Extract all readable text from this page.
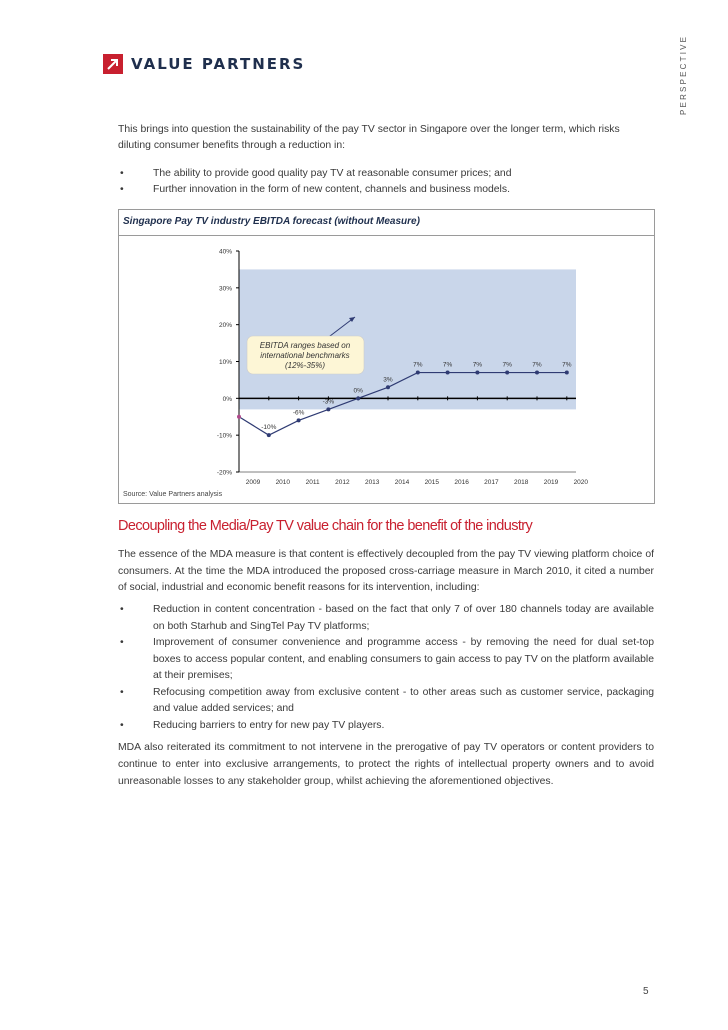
VALUE PARTNERS	PERSPECTIVE
This brings into question the sustainability of the pay TV sector in Singapore over the longer term, which risks diluting consumer benefits through a reduction in:
• The ability to provide good quality pay TV at reasonable consumer prices; and
• Further innovation in the form of new content, channels and business models.
Singapore Pay TV industry EBITDA forecast (without Measure)
40%
30%
20%
10%
0%
-10%
-20%
2009 2010 2011 2012 2013 2014 2015 2016 2017 2018 2019 2020
-10%
-6%
-3%
0%
3%
7%	7%	7%	7%	7%	7%
EBITDA ranges based on
international benchmarks
(12%-35%)
Source: Value Partners analysis
Decoupling the Media/Pay TV value chain for the benefit of the industry
The essence of the MDA measure is that content is effectively decoupled from the pay TV viewing platform choice of consumers. At the time the MDA introduced the proposed cross-carriage measure in March 2010, it cited a number of social, industrial and economic benefit reasons for its intervention, including:
• Reduction in content concentration - based on the fact that only 7 of over 180 channels today are available on both Starhub and SingTel Pay TV platforms;
• Improvement of consumer convenience and programme access - by removing the need for dual set-top boxes to access popular content, and enabling consumers to gain access to pay TV on the platform available at their premises;
• Refocusing competition away from exclusive content - to other areas such as customer service, packaging and value added services; and
• Reducing barriers to entry for new pay TV players.
MDA also reiterated its commitment to not intervene in the prerogative of pay TV operators or content providers to continue to enter into exclusive arrangements, to protect the rights of intellectual property owners and to avoid unreasonable losses to any stakeholder group, whilst achieving the aforementioned objectives.
5
